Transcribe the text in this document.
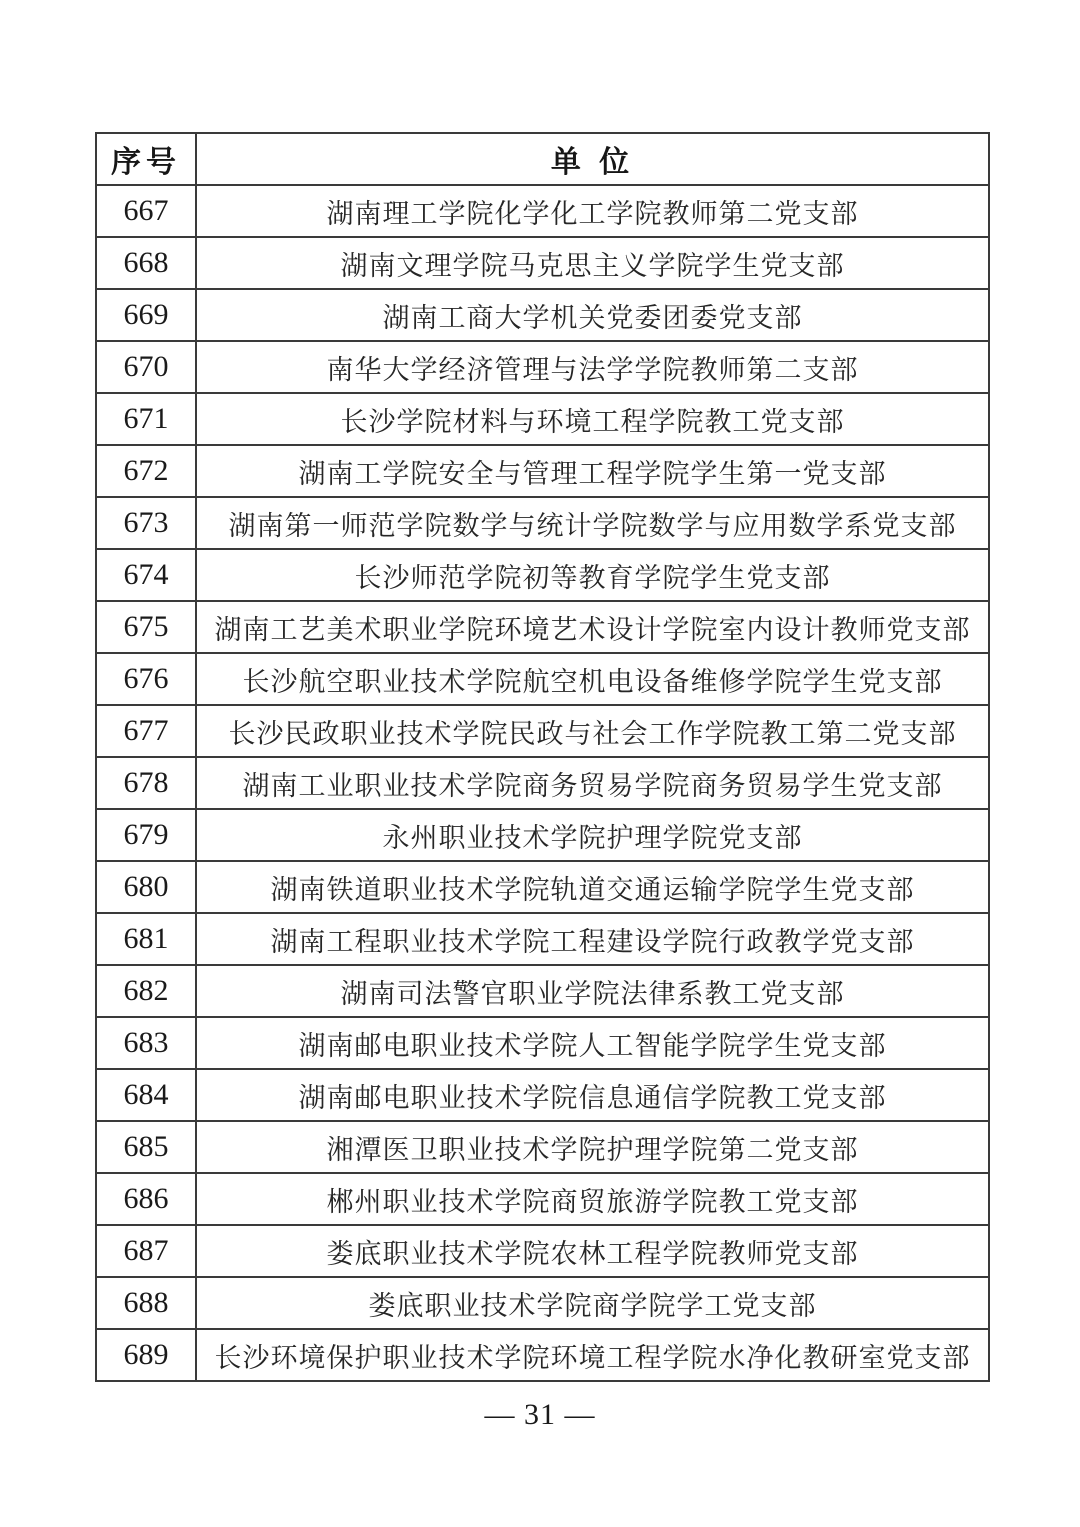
序号	单 位
667	湖南理工学院化学化工学院教师第二党支部
668	湖南文理学院马克思主义学院学生党支部
669	湖南工商大学机关党委团委党支部
670	南华大学经济管理与法学学院教师第二支部
671	长沙学院材料与环境工程学院教工党支部
672	湖南工学院安全与管理工程学院学生第一党支部
673	湖南第一师范学院数学与统计学院数学与应用数学系党支部
674	长沙师范学院初等教育学院学生党支部
675	湖南工艺美术职业学院环境艺术设计学院室内设计教师党支部
676	长沙航空职业技术学院航空机电设备维修学院学生党支部
677	长沙民政职业技术学院民政与社会工作学院教工第二党支部
678	湖南工业职业技术学院商务贸易学院商务贸易学生党支部
679	永州职业技术学院护理学院党支部
680	湖南铁道职业技术学院轨道交通运输学院学生党支部
681	湖南工程职业技术学院工程建设学院行政教学党支部
682	湖南司法警官职业学院法律系教工党支部
683	湖南邮电职业技术学院人工智能学院学生党支部
684	湖南邮电职业技术学院信息通信学院教工党支部
685	湘潭医卫职业技术学院护理学院第二党支部
686	郴州职业技术学院商贸旅游学院教工党支部
687	娄底职业技术学院农林工程学院教师党支部
688	娄底职业技术学院商学院学工党支部
689	长沙环境保护职业技术学院环境工程学院水净化教研室党支部
— 31 —
